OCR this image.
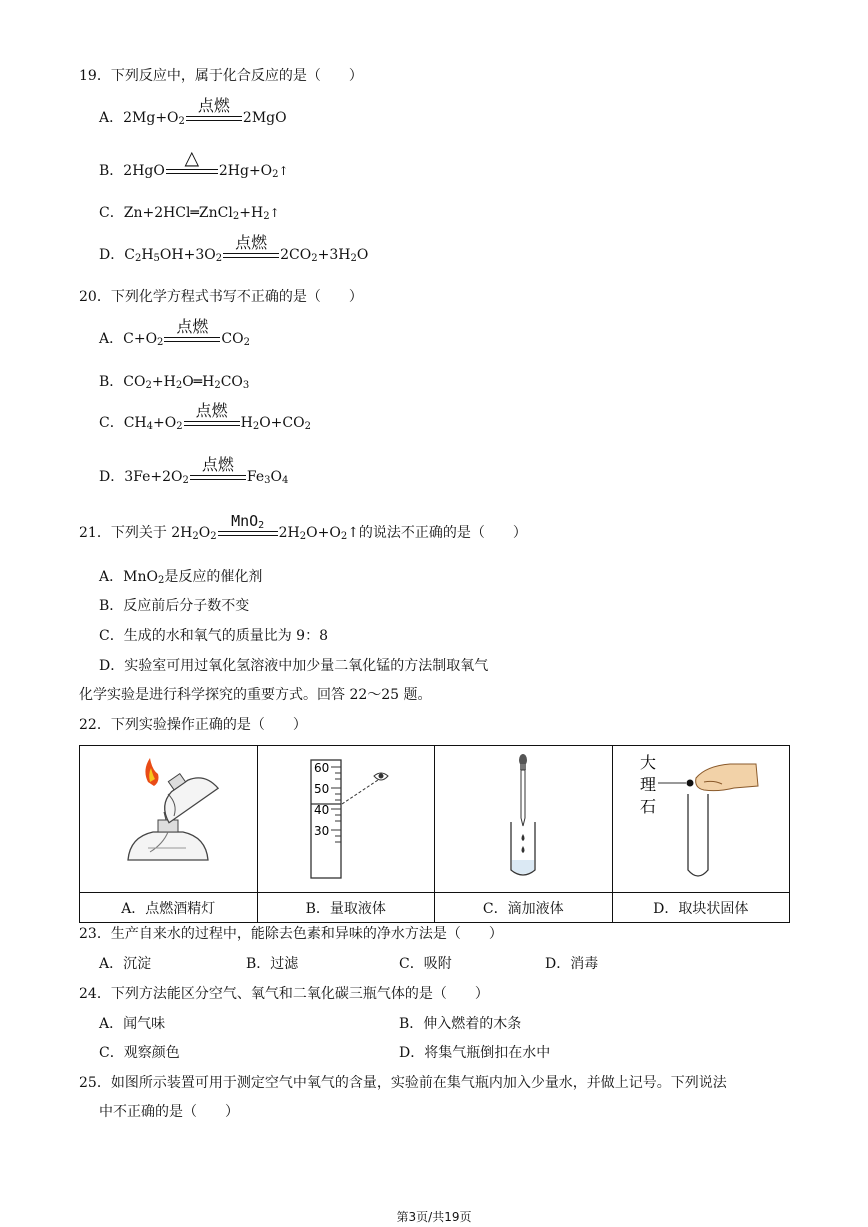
19．下列反应中，属于化合反应的是（　　）
A．$2Mg+O_2$
点燃
2MgO
B．2HgO
△
$2Hg+O_2↑$
C．$Zn+2HCl═ZnCl_2+H_2↑$
D．$C_2H_5OH+3O_2$
点燃
$2CO_2+3H_2O$
20．下列化学方程式书写不正确的是（　　）
A．$C+O_2$
点燃
$CO_2$
B．$CO_2+H_2O═H_2CO_3$
C．$CH_4+O_2$
点燃
$H_2O+CO_2$
D．$3Fe+2O_2$
点燃
$Fe_3O_4$
21．下列关于 $2H_2O_2$
MnO$_2$	$2H_2O+O_2↑$的说法不正确的是（　　）
A．MnO$_2$是反应的催化剂
B．反应前后分子数不变
C．生成的水和氧气的质量比为 9：8
D．实验室可用过氧化氢溶液中加少量二氧化锰的方法制取氧气
化学实验是进行科学探究的重要方式。回答 22～25 题。
22．下列实验操作正确的是（　　）

60
50
40
30		大
理
石

A．点燃酒精灯	B．量取液体	C．滴加液体	D．取块状固体
23．生产自来水的过程中，能除去色素和异味的净水方法是（　　）
A．沉淀	B．过滤	C．吸附	D．消毒
24．下列方法能区分空气、氧气和二氧化碳三瓶气体的是（　　）
A．闻气味	B．伸入燃着的木条
C．观察颜色	D．将集气瓶倒扣在水中
25．如图所示装置可用于测定空气中氧气的含量，实验前在集气瓶内加入少量水，并做上记号。下列说法
中不正确的是（　　）
第3页/共19页
